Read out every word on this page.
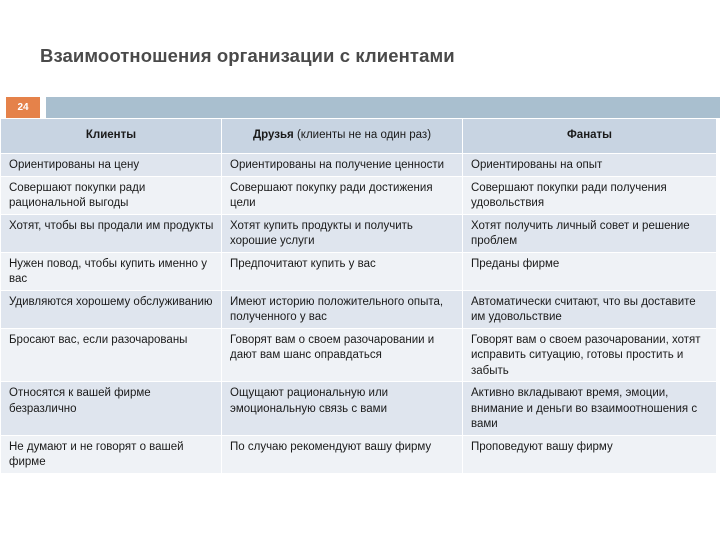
Взаимоотношения организации с клиентами
24
Клиенты	Друзья (клиенты не на один раз)	Фанаты
Ориентированы на цену	Ориентированы на получение ценности	Ориентированы на опыт
Совершают покупки ради рациональной выгоды	Совершают покупку ради достижения цели	Совершают покупки ради получения удовольствия
Хотят, чтобы вы продали им продукты	Хотят купить продукты и получить хорошие услуги	Хотят получить личный совет и решение проблем
Нужен повод, чтобы купить именно у вас	Предпочитают купить у вас	Преданы фирме
Удивляются хорошему обслуживанию	Имеют историю положительного опыта, полученного у вас	Автоматически считают, что вы доставите им удовольствие
Бросают вас, если разочарованы	Говорят вам о своем разочаровании и дают вам шанс оправдаться	Говорят вам о своем разочаровании, хотят исправить ситуацию, готовы простить и забыть
Относятся к вашей фирме безразлично	Ощущают рациональную или эмоциональную связь с вами	Активно вкладывают время, эмоции, внимание и деньги во взаимоотношения с вами
Не думают и не говорят о вашей фирме	По случаю рекомендуют вашу фирму	Проповедуют вашу фирму
